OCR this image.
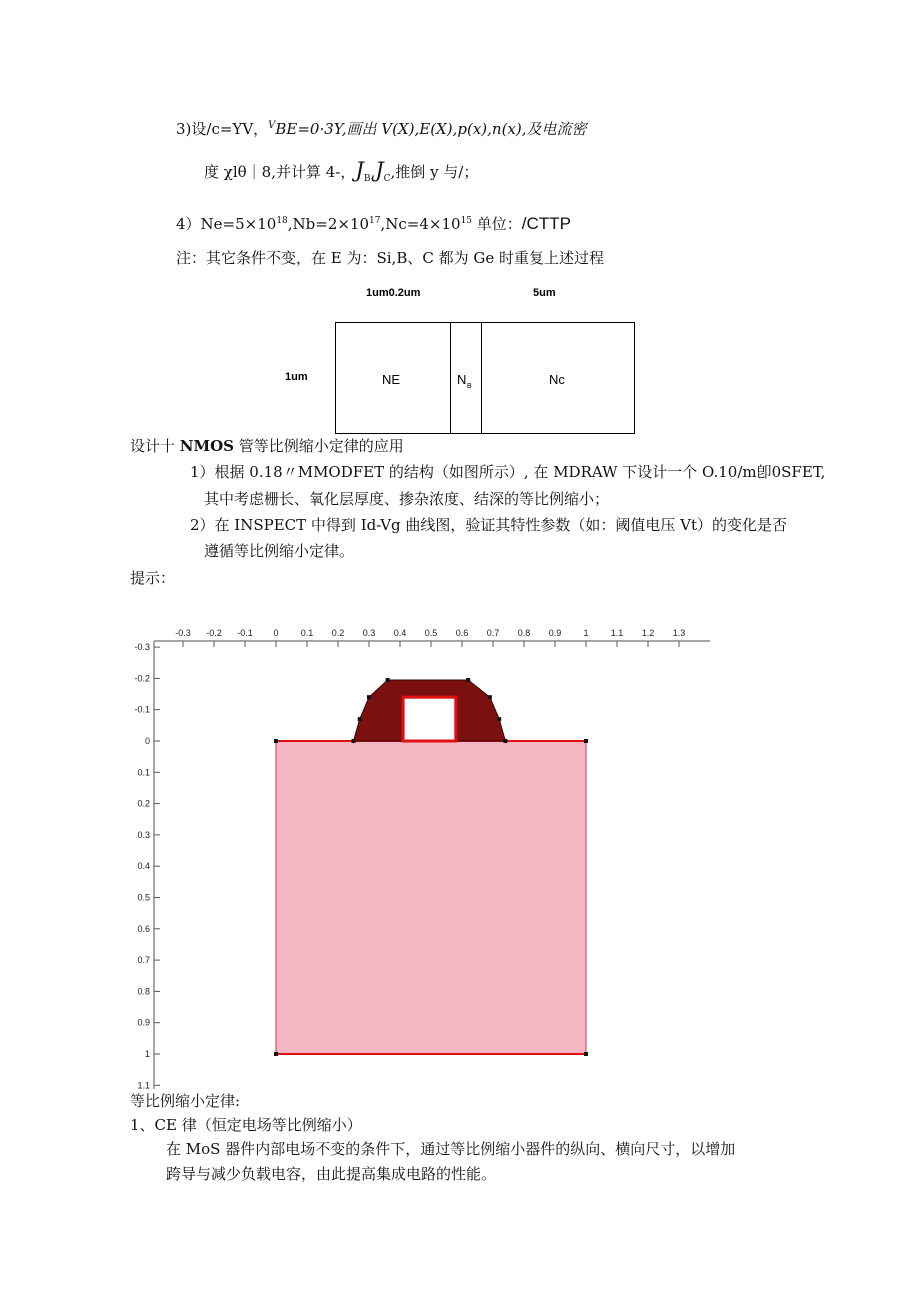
3)设/c=YV，$^V$BE=0·3Y,画出 V(X),E(X),p(x),n(x),及电流密
度 χlθ｜8,并计算 4-，$J_B,J_C$,推倒 y 与/；
$4)Ne=5\times 10^{18},Nb=2\times 10^{17},Nc=4\times 10^{15}$ 单位：/CTTP
注：其它条件不变，在 E 为：Si,B、C 都为 Ge 时重复上述过程
1um0.2um	5um
1um	NE	N B	Nc
设计十 NMOS 管等比例缩小定律的应用
1）根据 0.18〃MMODFET 的结构（如图所示）, 在 MDRAW 下设计一个 O.10/m卽0SFET,
其中考虑栅长、氧化层厚度、掺杂浓度、结深的等比例缩小；
2）在 INSPECT 中得到 Id-Vg 曲线图，验证其特性参数（如：阈值电压 Vt）的变化是否
遵循等比例缩小定律。
提示：
-0.3 -0.2 -0.1 0 0.1 0.2 0.3 0.4 0.5 0.6 0.7 0.8 0.9 1 1.1 1.2 1.3
-0.3
-0.2
-0.1
0
0.1
0.2
0.3
0.4
0.5
0.6
0.7
0.8
0.9
1
1.1
等比例缩小定律:
1、CE 律（恒定电场等比例缩小）
在 MoS 器件内部电场不变的条件下，通过等比例缩小器件的纵向、横向尺寸，以增加
跨导与减少负载电容，由此提高集成电路的性能。
